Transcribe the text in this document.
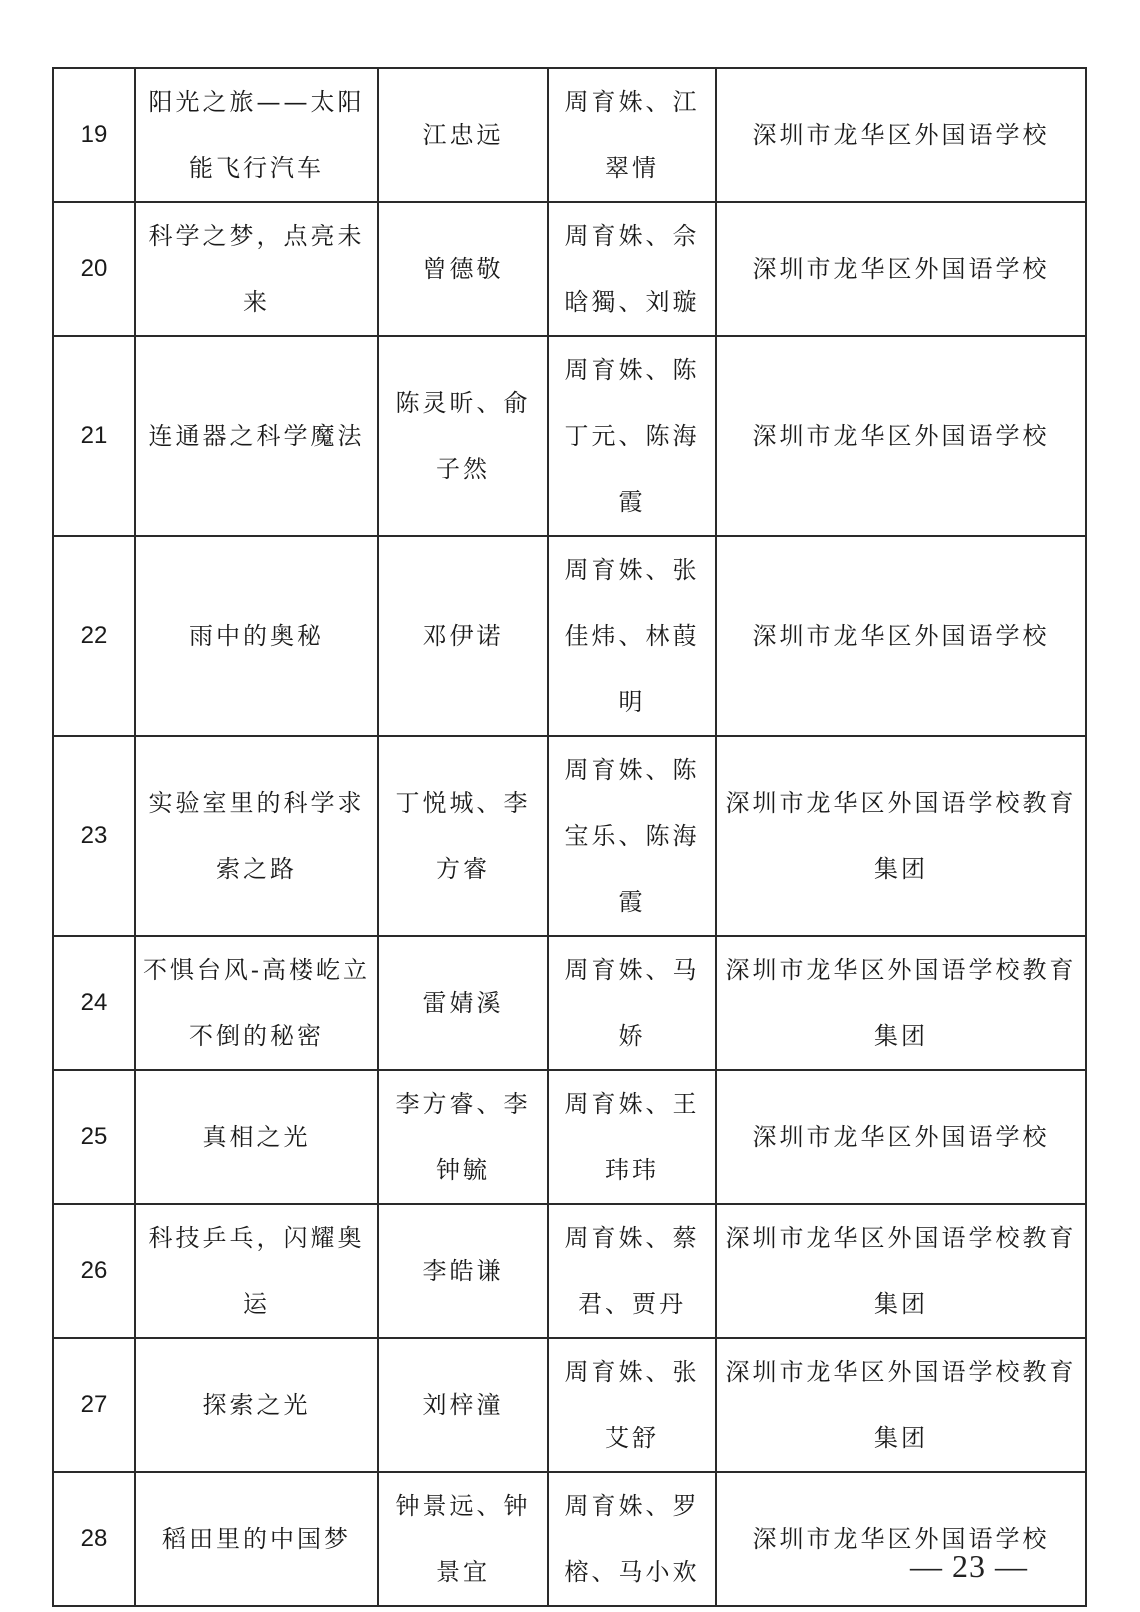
19	阳光之旅——太阳能飞行汽车	江忠远	周育姝、江翠情	深圳市龙华区外国语学校
20	科学之梦，点亮未来	曾德敬	周育姝、佘晗獨、刘璇	深圳市龙华区外国语学校
21	连通器之科学魔法	陈灵昕、俞子然	周育姝、陈丁元、陈海霞	深圳市龙华区外国语学校
22	雨中的奥秘	邓伊诺	周育姝、张佳炜、林葭明	深圳市龙华区外国语学校
23	实验室里的科学求索之路	丁悦城、李方睿	周育姝、陈宝乐、陈海霞	深圳市龙华区外国语学校教育集团
24	不惧台风-高楼屹立不倒的秘密	雷婧溪	周育姝、马娇	深圳市龙华区外国语学校教育集团
25	真相之光	李方睿、李钟毓	周育姝、王玮玮	深圳市龙华区外国语学校
26	科技乒乓，闪耀奥运	李皓谦	周育姝、蔡君、贾丹	深圳市龙华区外国语学校教育集团
27	探索之光	刘梓潼	周育姝、张艾舒	深圳市龙华区外国语学校教育集团
28	稻田里的中国梦	钟景远、钟景宜	周育姝、罗榕、马小欢	深圳市龙华区外国语学校
— 23 —
